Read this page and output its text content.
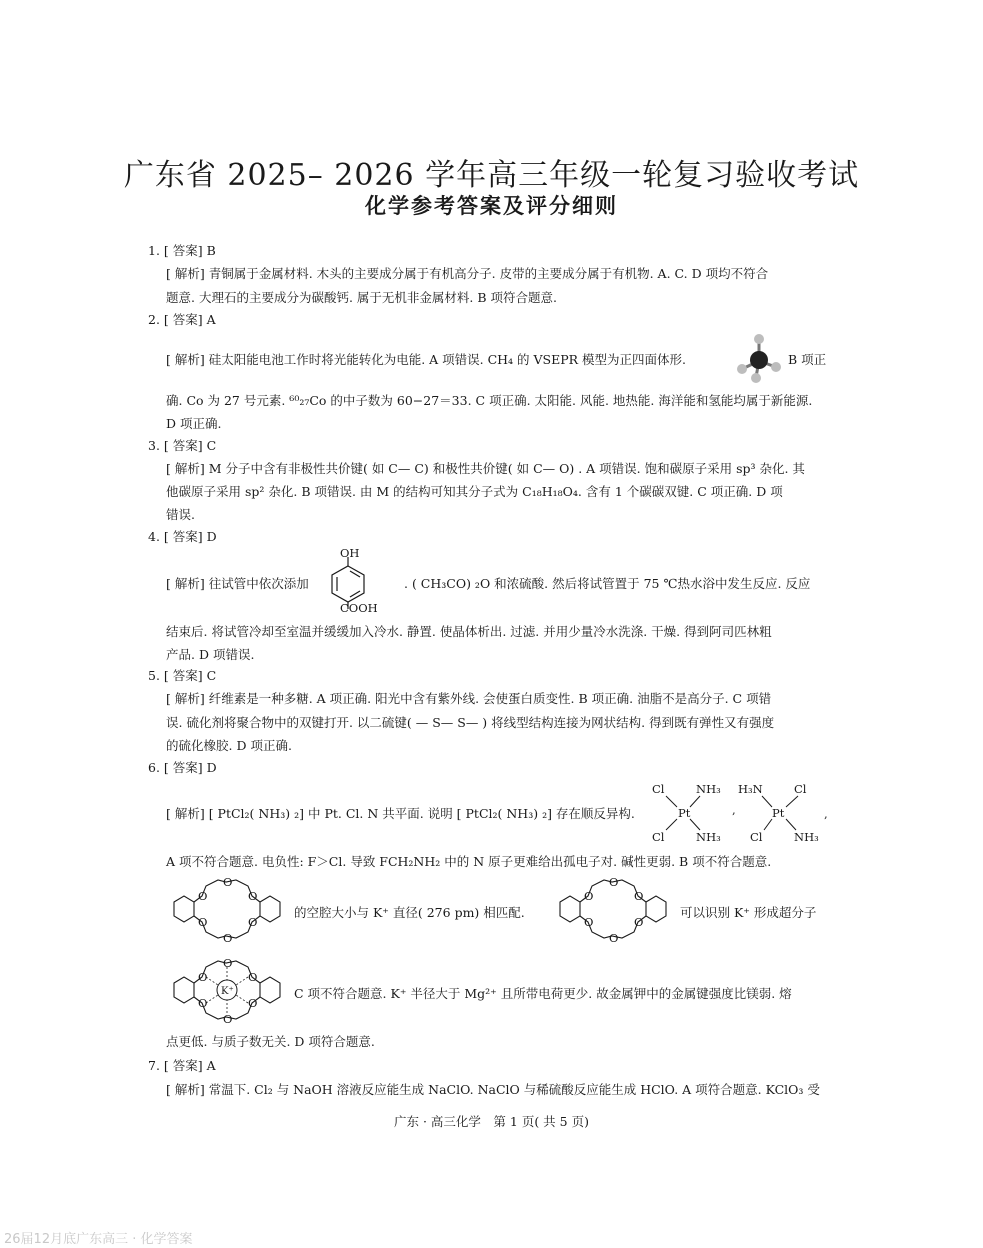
广东省 2025– 2026 学年高三年级一轮复习验收考试
化学参考答案及评分细则
1. [ 答案] B
[ 解析] 青铜属于金属材料. 木头的主要成分属于有机高分子. 皮带的主要成分属于有机物. A. C. D 项均不符合
题意. 大理石的主要成分为碳酸钙. 属于无机非金属材料. B 项符合题意.
2. [ 答案] A
[ 解析] 硅太阳能电池工作时将光能转化为电能. A 项错误. CH₄ 的 VSEPR 模型为正四面体形.	B 项正
确. Co 为 27 号元素. ⁶⁰₂₇Co 的中子数为 60−27＝33. C 项正确. 太阳能. 风能. 地热能. 海洋能和氢能均属于新能源.
D 项正确.
3. [ 答案] C
[ 解析] M 分子中含有非极性共价键( 如 C— C) 和极性共价键( 如 C— O) . A 项错误. 饱和碳原子采用 sp³ 杂化. 其
他碳原子采用 sp² 杂化. B 项错误. 由 M 的结构可知其分子式为 C₁₈H₁₈O₄. 含有 1 个碳碳双键. C 项正确. D 项
错误.
4. [ 答案] D
[ 解析] 往试管中依次添加
OH
COOH
. ( CH₃CO) ₂O 和浓硫酸. 然后将试管置于 75 ℃热水浴中发生反应. 反应
结束后. 将试管冷却至室温并缓缓加入冷水. 静置. 使晶体析出. 过滤. 并用少量冷水洗涤. 干燥. 得到阿司匹林粗
产品. D 项错误.
5. [ 答案] C
[ 解析] 纤维素是一种多糖. A 项正确. 阳光中含有紫外线. 会使蛋白质变性. B 项正确. 油脂不是高分子. C 项错
误. 硫化剂将聚合物中的双键打开. 以二硫键( — S— S— ) 将线型结构连接为网状结构. 得到既有弹性又有强度
的硫化橡胶. D 项正确.
6. [ 答案] D
[ 解析] [ PtCl₂( NH₃) ₂] 中 Pt. Cl. N 共平面. 说明 [ PtCl₂( NH₃) ₂] 存在顺反异构.
Cl	NH₃
Pt
Cl	NH₃
,
H₃N	Cl
Pt
Cl	NH₃
,
A 项不符合题意. 电负性: F＞Cl. 导致 FCH₂NH₂ 中的 N 原子更难给出孤电子对. 碱性更弱. B 项不符合题意.
O	O
O
O	O
O
的空腔大小与 K⁺ 直径( 276 pm) 相匹配.
O	O
O
O	O
O
可以识别 K⁺ 形成超分子
O	O
O
O	O
O
K⁺	C 项不符合题意. K⁺ 半径大于 Mg²⁺ 且所带电荷更少. 故金属钾中的金属键强度比镁弱. 熔
点更低. 与质子数无关. D 项符合题意.
7. [ 答案] A
[ 解析] 常温下. Cl₂ 与 NaOH 溶液反应能生成 NaClO. NaClO 与稀硫酸反应能生成 HClO. A 项符合题意. KClO₃ 受
广东 · 高三化学　第 1 页( 共 5 页)
26届12月底广东高三 · 化学答案
